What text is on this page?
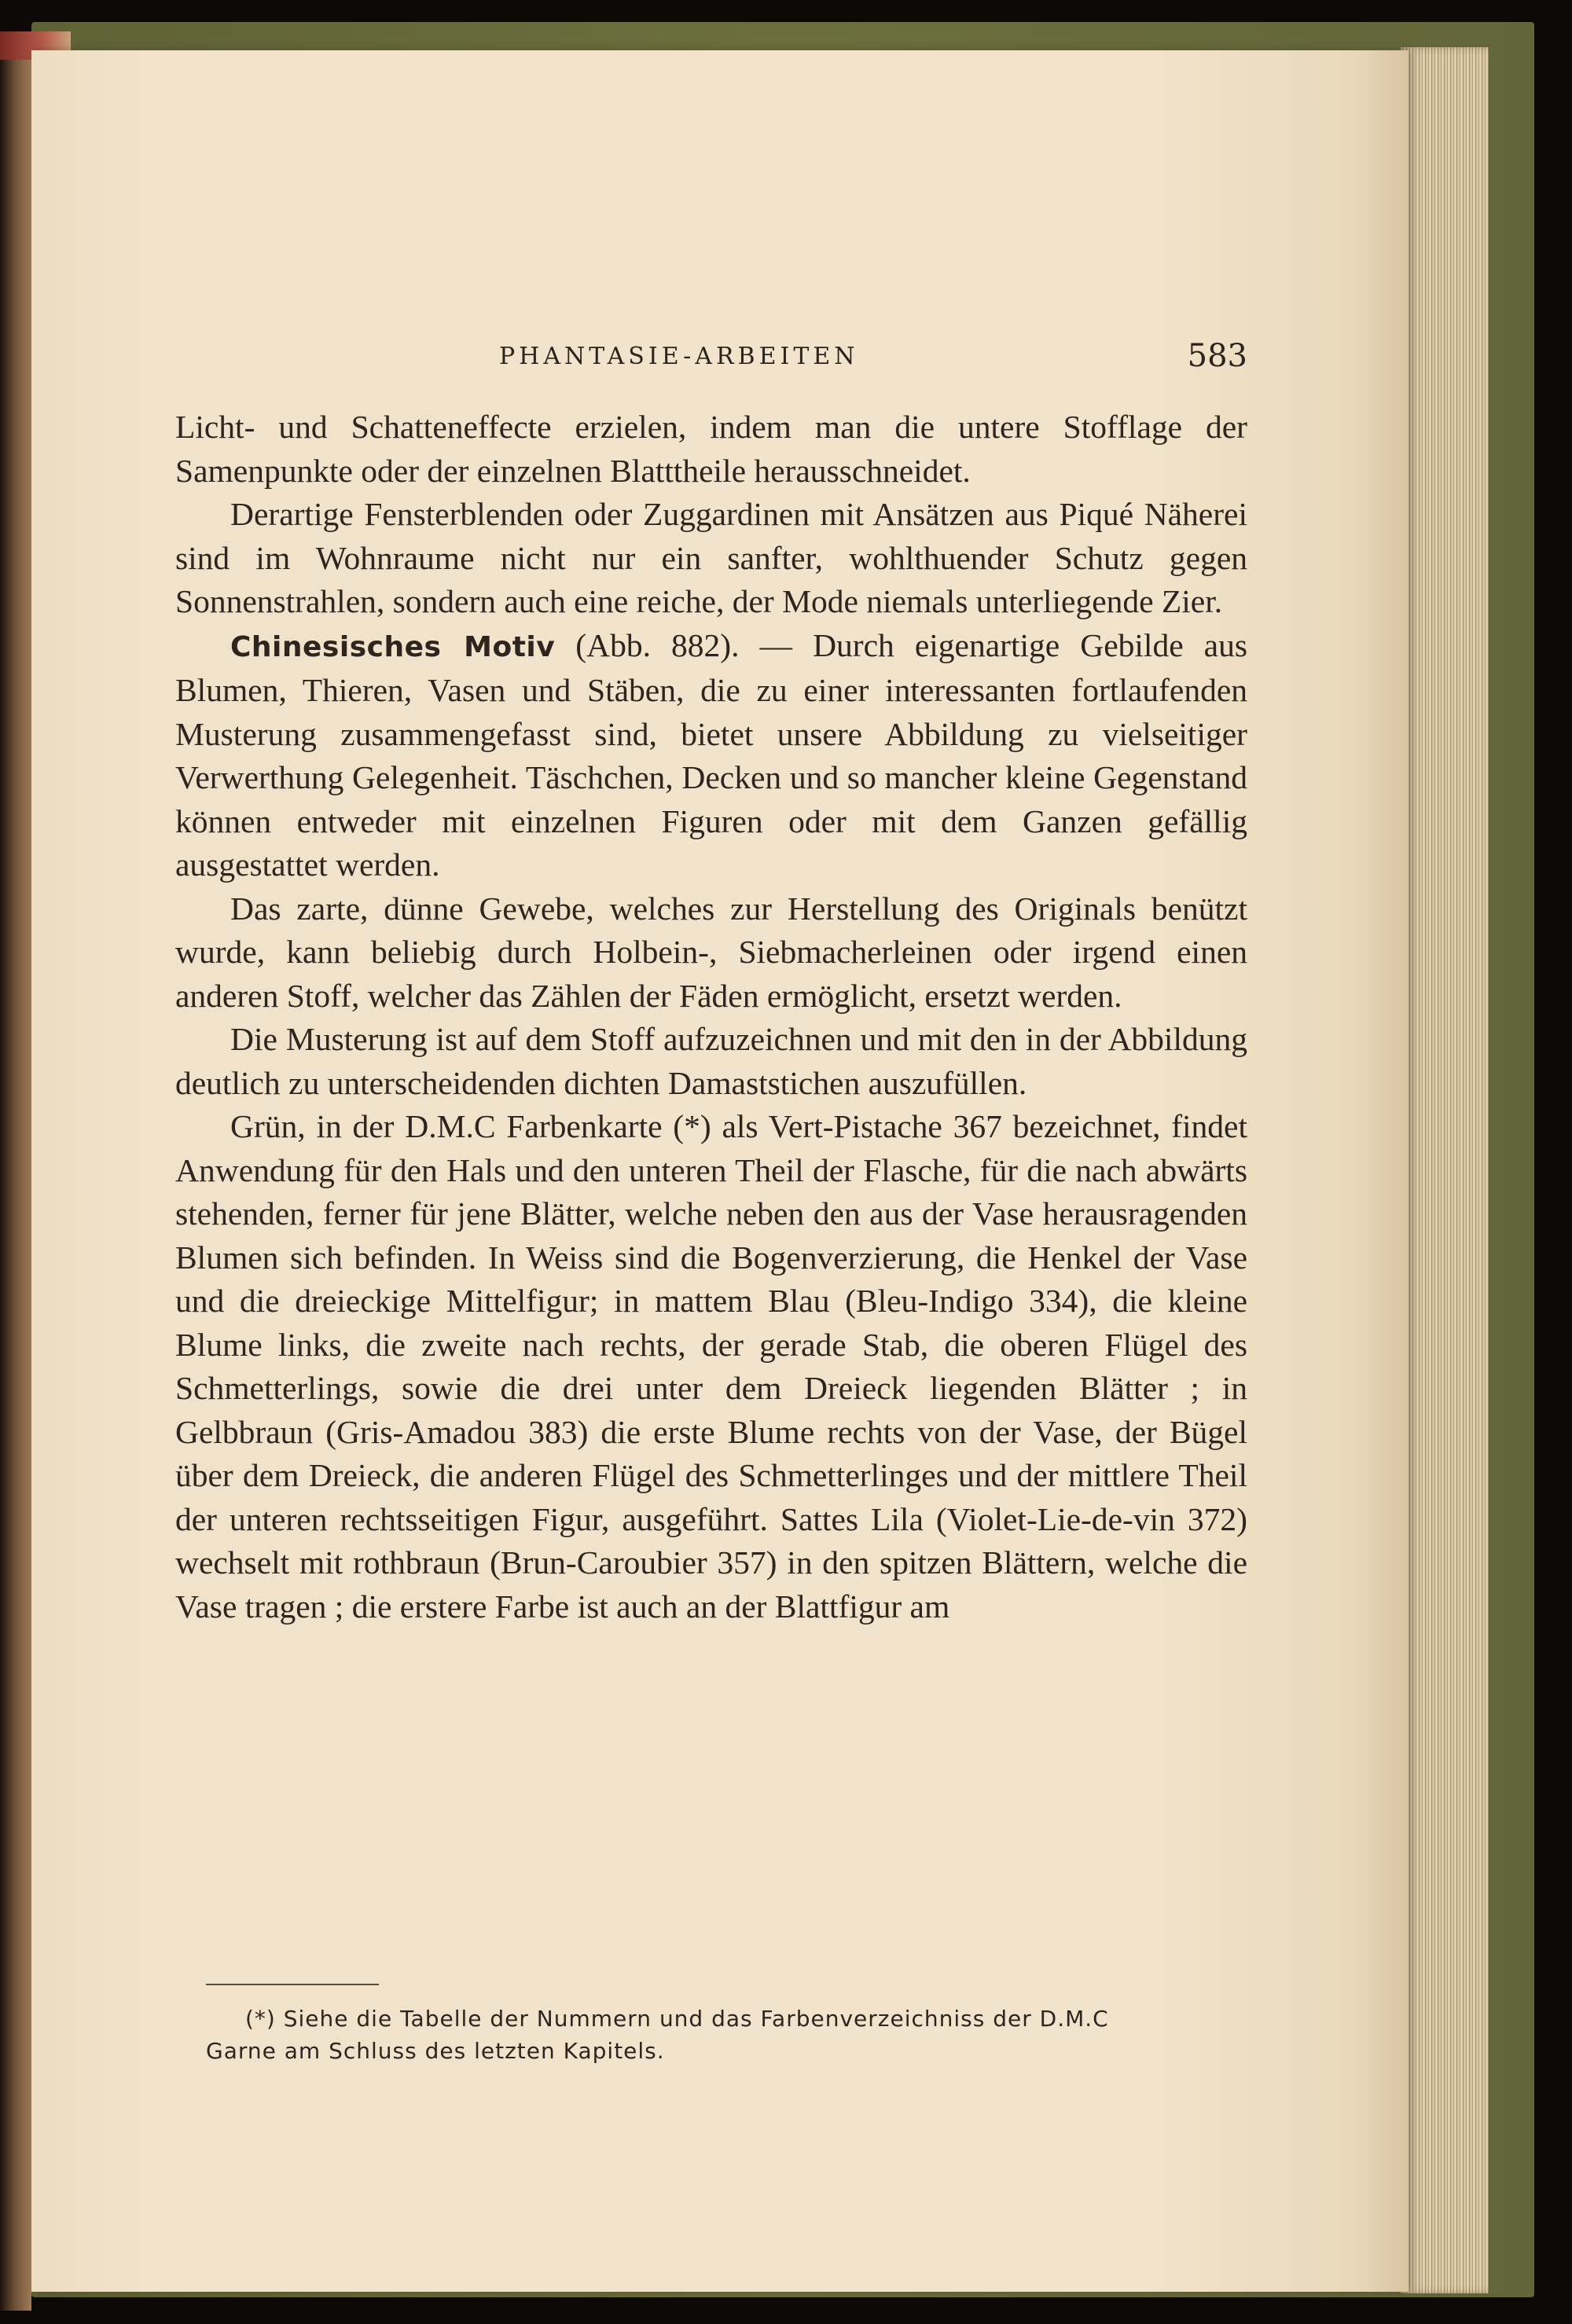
PHANTASIE-ARBEITEN	583

Licht- und Schatteneffecte erzielen, indem man die untere Stofflage der Samenpunkte oder der einzelnen Blatttheile herausschneidet.

Derartige Fensterblenden oder Zuggardinen mit Ansätzen aus Piqué Näherei sind im Wohnraume nicht nur ein sanfter, wohlthuender Schutz gegen Sonnenstrahlen, sondern auch eine reiche, der Mode niemals unterliegende Zier.

Chinesisches Motiv (Abb. 882). — Durch eigenartige Gebilde aus Blumen, Thieren, Vasen und Stäben, die zu einer interessanten fortlaufenden Musterung zusammengefasst sind, bietet unsere Abbildung zu vielseitiger Verwerthung Gelegenheit. Täschchen, Decken und so mancher kleine Gegenstand können entweder mit einzelnen Figuren oder mit dem Ganzen gefällig ausgestattet werden.

Das zarte, dünne Gewebe, welches zur Herstellung des Originals benützt wurde, kann beliebig durch Holbein-, Siebmacherleinen oder irgend einen anderen Stoff, welcher das Zählen der Fäden ermöglicht, ersetzt werden.

Die Musterung ist auf dem Stoff aufzuzeichnen und mit den in der Abbildung deutlich zu unterscheidenden dichten Damaststichen auszufüllen.

Grün, in der D.M.C Farbenkarte (*) als Vert-Pistache 367 bezeichnet, findet Anwendung für den Hals und den unteren Theil der Flasche, für die nach abwärts stehenden, ferner für jene Blätter, welche neben den aus der Vase herausragenden Blumen sich befinden. In Weiss sind die Bogenverzierung, die Henkel der Vase und die dreieckige Mittelfigur; in mattem Blau (Bleu-Indigo 334), die kleine Blume links, die zweite nach rechts, der gerade Stab, die oberen Flügel des Schmetterlings, sowie die drei unter dem Dreieck liegenden Blätter ; in Gelbbraun (Gris-Amadou 383) die erste Blume rechts von der Vase, der Bügel über dem Dreieck, die anderen Flügel des Schmetterlinges und der mittlere Theil der unteren rechtsseitigen Figur, ausgeführt. Sattes Lila (Violet-Lie-de-vin 372) wechselt mit rothbraun (Brun-Caroubier 357) in den spitzen Blättern, welche die Vase tragen ; die erstere Farbe ist auch an der Blattfigur am

(*) Siehe die Tabelle der Nummern und das Farbenverzeichniss der D.M.C

Garne am Schluss des letzten Kapitels.
